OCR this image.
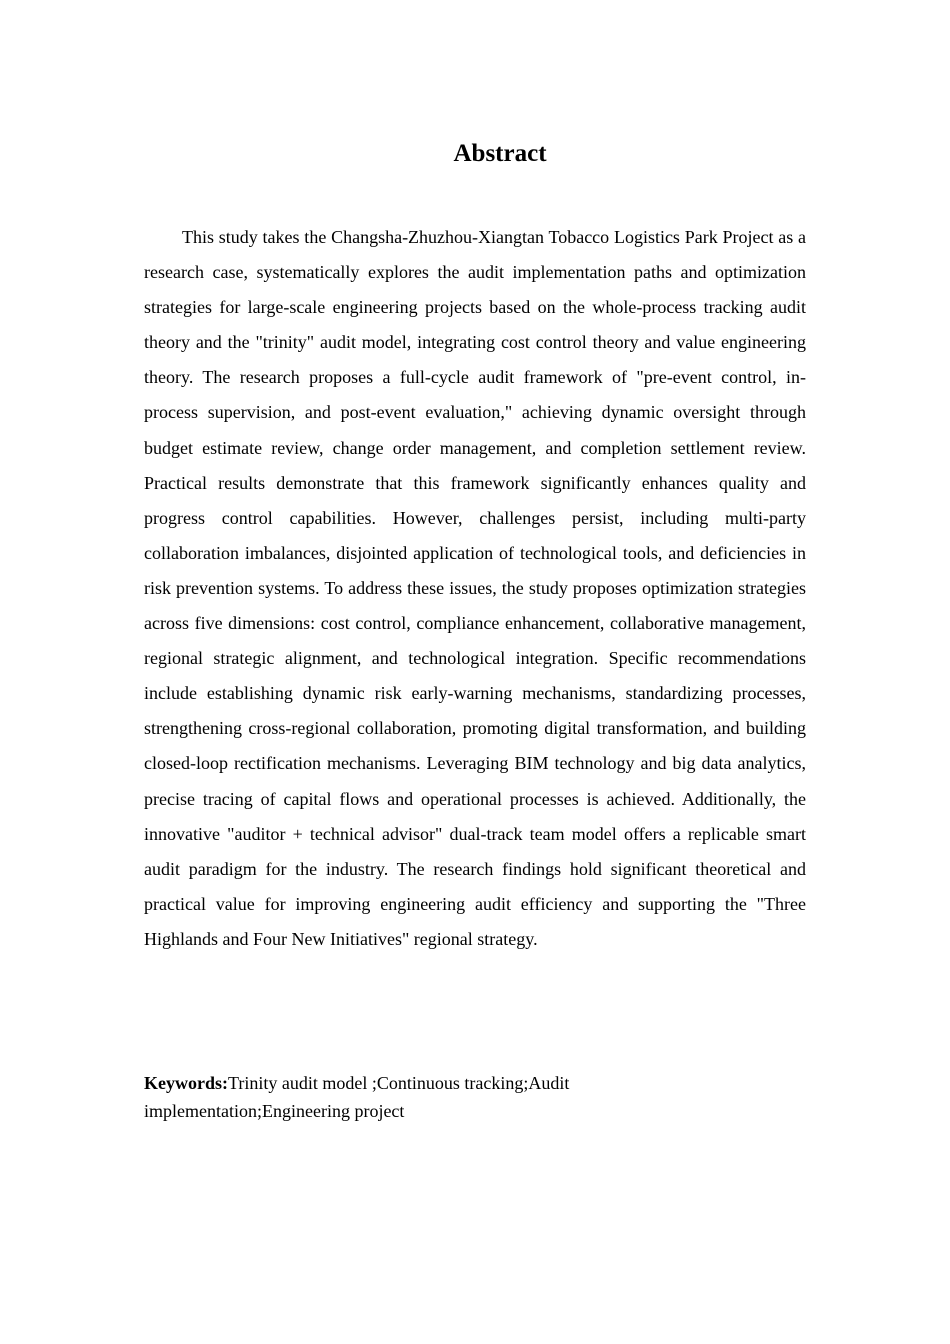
Abstract

This study takes the Changsha-Zhuzhou-Xiangtan Tobacco Logistics Park Project as a research case, systematically explores the audit implementation paths and optimization strategies for large-scale engineering projects based on the whole-process tracking audit theory and the "trinity" audit model, integrating cost control theory and value engineering theory. The research proposes a full-cycle audit framework of "pre-event control, in-process supervision, and post-event evaluation," achieving dynamic oversight through budget estimate review, change order management, and completion settlement review. Practical results demonstrate that this framework significantly enhances quality and progress control capabilities. However, challenges persist, including multi-party collaboration imbalances, disjointed application of technological tools, and deficiencies in risk prevention systems. To address these issues, the study proposes optimization strategies across five dimensions: cost control, compliance enhancement, collaborative management, regional strategic alignment, and technological integration. Specific recommendations include establishing dynamic risk early-warning mechanisms, standardizing processes, strengthening cross-regional collaboration, promoting digital transformation, and building closed-loop rectification mechanisms. Leveraging BIM technology and big data analytics, precise tracing of capital flows and operational processes is achieved. Additionally, the innovative "auditor + technical advisor" dual-track team model offers a replicable smart audit paradigm for the industry. The research findings hold significant theoretical and practical value for improving engineering audit efficiency and supporting the "Three Highlands and Four New Initiatives" regional strategy.

Keywords:Trinity audit model ;Continuous tracking;Audit implementation;Engineering project
